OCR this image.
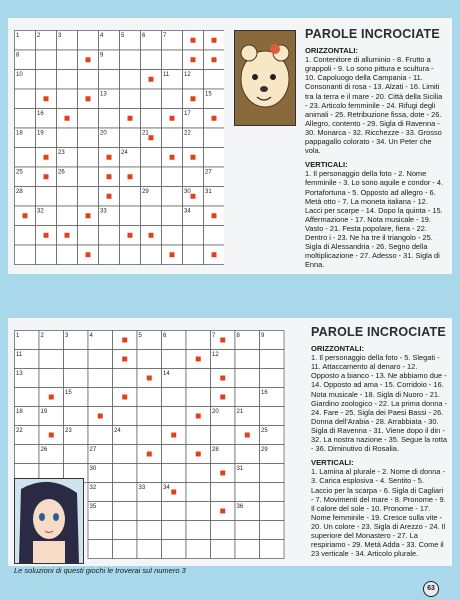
1	2	3	4	5	6	7
8	9
10	11 12
13	15
16	17
18 19	20	21	22
23	24
25	26	27
28	29	30 31
32	33	34
PAROLE INCROCIATE
ORIZZONTALI:
1. Contenitore di alluminio - 8. Frutto a grappoli - 9. Lo sono pittura e scultura - 10. Capoluogo della Campania - 11. Consonanti di rosa - 13. Alzati - 16. Limiti tra la terra e il mare - 20. Città della Sicilia - 23. Articolo femminile - 24. Rifugi degli animali - 25. Retribuzione fissa, dote - 26. Allegro, contento - 29. Sigla di Ravenna - 30. Monarca - 32. Ricchezze - 33. Grosso pappagallo colorato - 34. Un Peter che vola.
VERTICALI:
1. Il personaggio della foto - 2. Nome femminile - 3. Lo sono aquile e condor - 4. Portafortuna - 5. Opposto ad allegro - 6. Metà otto - 7. La moneta italiana - 12. Lacci per scarpe - 14. Dopo la quinta - 15. Affermazione - 17. Nota musicale - 19. Vasto - 21. Festa popolare, fiera - 22. Dentro i - 23. Ne ha tre il triangolo - 25. Sigla di Alessandria - 26. Segno della moltiplicazione - 27. Adesso - 31. Sigla di Enna.
1	2	3	4	5	6	7	8	9
11	12
13	14
15	16
18	19	20	21
22	23	24	25
26	27	28	29
30	31
32	33	34
35	36
PAROLE INCROCIATE
ORIZZONTALI:
1. Il personaggio della foto - 5. Slegati - 11. Attaccamento al denaro - 12. Opposto a bianco - 13. Ne abbiamo due - 14. Opposto ad ama - 15. Corridoio - 16. Nota musicale - 18. Sigla di Nuoro - 21. Giardino zoologico - 22. La prima donna - 24. Fare - 25. Sigla dei Paesi Bassi - 26. Donna dell'Arabia - 28. Arrabbiata - 30. Sigla di Ravenna - 31. Viene dopo il din - 32. La nostra nazione - 35. Segue la rotta - 36. Diminutivo di Rosalia.
VERTICALI:
1. Lamina al plurale - 2. Nome di donna - 3. Carica esplosiva - 4. Sentito - 5. Laccio per la scarpa - 6. Sigla di Cagliari - 7. Movimenti del mare - 8. Pronome - 9. Il calore del sole - 10. Pronome - 17. Nome femminile - 19. Cresce sulla vite - 20. Un colore - 23. Sigla di Arezzo - 24. Il superiore del Monastero - 27. La respiriamo - 29. Metà Adda - 33. Come il 23 verticale - 34. Articolo plurale.
Le soluzioni di questi giochi le troverai sul numero 3
63
